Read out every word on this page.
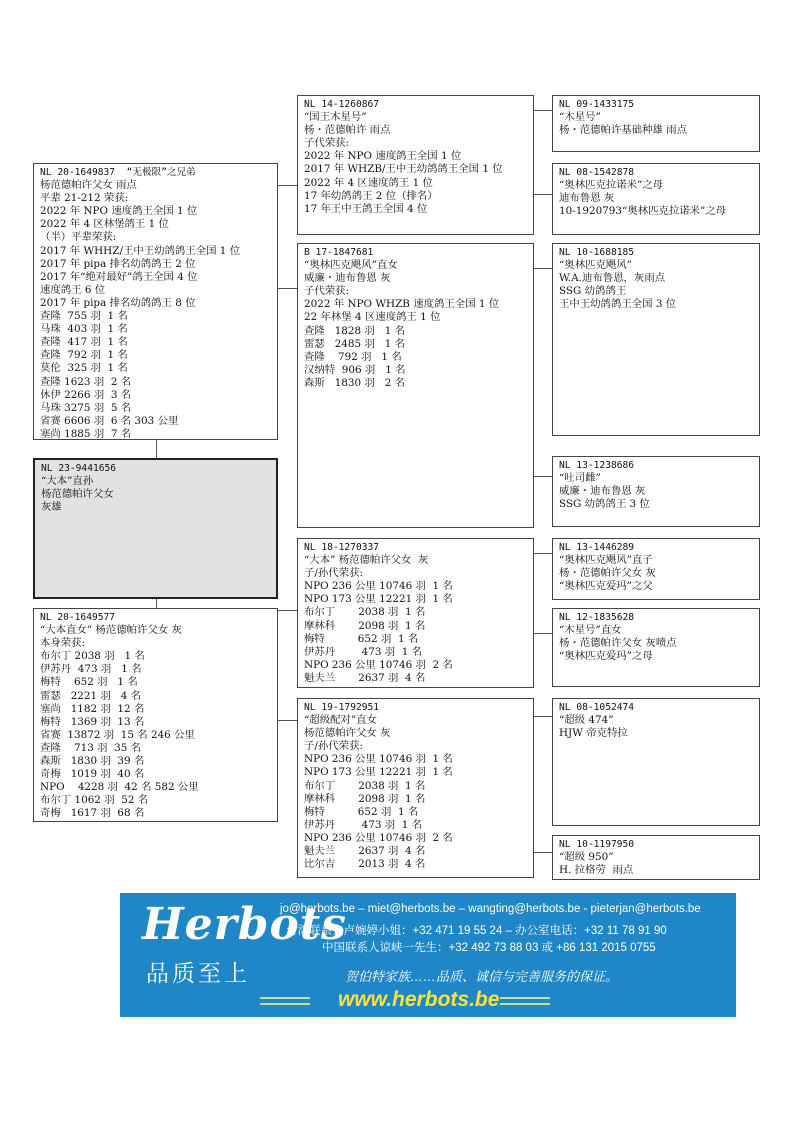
NL 20-1649837  “无极限”之兄弟
杨范德帕许父女 雨点
平辈 21-212 荣获:
2022 年 NPO 速度鸽王全国 1 位
2022 年 4 区林堡鸽王 1 位
（半）平辈荣获:
2017 年 WHHZ/王中王幼鸽鸽王全国 1 位
2017 年 pipa 排名幼鸽鸽王 2 位
2017 年“绝对最好”鸽王全国 4 位
速度鸽王 6 位
2017 年 pipa 排名幼鸽鸽王 8 位
查隆  755 羽  1 名
马珠  403 羽  1 名
查隆  417 羽  1 名
查隆  792 羽  1 名
莫伦  325 羽  1 名
查隆 1623 羽  2 名
休伊 2266 羽  3 名
马珠 3275 羽  5 名
省赛 6606 羽  6 名 303 公里
塞尚 1885 羽  7 名
NL 23-9441656
“大本”直孙
杨范德帕许父女
灰雄
NL 20-1649577
“大本直女” 杨范德帕许父女 灰
本身荣获:
布尔丁 2038 羽   1 名
伊苏丹  473 羽   1 名
梅特    652 羽   1 名
雷瑟   2221 羽   4 名
塞尚   1182 羽  12 名
梅特   1369 羽  13 名
省赛  13872 羽  15 名 246 公里
查隆    713 羽  35 名
森斯   1830 羽  39 名
奇梅   1019 羽  40 名
NPO    4228 羽  42 名 582 公里
布尔丁 1062 羽  52 名
奇梅   1617 羽  68 名
NL 14-1260867
“国王木星号”
杨・范德帕许 雨点
子代荣获:
2022 年 NPO 速度鸽王全国 1 位
2017 年 WHZB/王中王幼鸽鸽王全国 1 位
2022 年 4 区速度鸽王 1 位
17 年幼鸽鸽王 2 位（排名）
17 年王中王鸽王全国 4 位
B 17-1847681
“奥林匹克飓风”直女
威廉・迪布鲁恩 灰
子代荣获:
2022 年 NPO WHZB 速度鸽王全国 1 位
22 年林堡 4 区速度鸽王 1 位
查隆   1828 羽   1 名
雷瑟   2485 羽   1 名
查隆    792 羽   1 名
汉纳特  906 羽   1 名
森斯   1830 羽   2 名
NL 18-1270337
“大本” 杨范德帕许父女  灰
子/孙代荣获:
NPO 236 公里 10746 羽  1 名
NPO 173 公里 12221 羽  1 名
布尔丁       2038 羽  1 名
摩林科       2098 羽  1 名
梅特          652 羽  1 名
伊苏丹        473 羽  1 名
NPO 236 公里 10746 羽  2 名
魁夫兰       2637 羽  4 名
NL 19-1792951
“超级配对”直女
杨范德帕许父女 灰
子/孙代荣获:
NPO 236 公里 10746 羽  1 名
NPO 173 公里 12221 羽  1 名
布尔丁       2038 羽  1 名
摩林科       2098 羽  1 名
梅特          652 羽  1 名
伊苏丹        473 羽  1 名
NPO 236 公里 10746 羽  2 名
魁夫兰       2637 羽  4 名
比尔吉       2013 羽  4 名
NL 09-1433175
“木星号”
杨・范德帕许基础种雄 雨点
NL 08-1542878
“奥林匹克拉诺米”之母
迪布鲁恩 灰
10-1920793“奥林匹克拉诺米”之母
NL 10-1688185
“奥林匹克飓风”
W.A.迪布鲁恩，灰雨点
SSG 幼鸽鸽王
王中王幼鸽鸽王全国 3 位
NL 13-1238686
“吐司雌”
威廉・迪布鲁恩 灰
SSG 幼鸽鸽王 3 位
NL 13-1446289
“奥林匹克飓风”直子
杨・范德帕许父女 灰
“奥林匹克爱玛”之父
NL 12-1835628
“木星号”直女
杨・范德帕许父女 灰喷点
“奥林匹克爱玛”之母
NL 08-1052474
“超级 474”
HJW 帝克特拉
NL 10-1197950
“超级 950”
H. 拉格劳  雨点
Herbots
品质至上
jo@herbots.be – miet@herbots.be – wangting@herbots.be - pieterjan@herbots.be
台湾联系人卢婉婷小姐：+32 471 19 55 24 – 办公室电话：+32 11 78 91 90
中国联系人谅峡一先生：+32 492 73 88 03 或 +86 131 2015 0755
贺伯特家族……品质、诚信与完善服务的保证。
www.herbots.be
